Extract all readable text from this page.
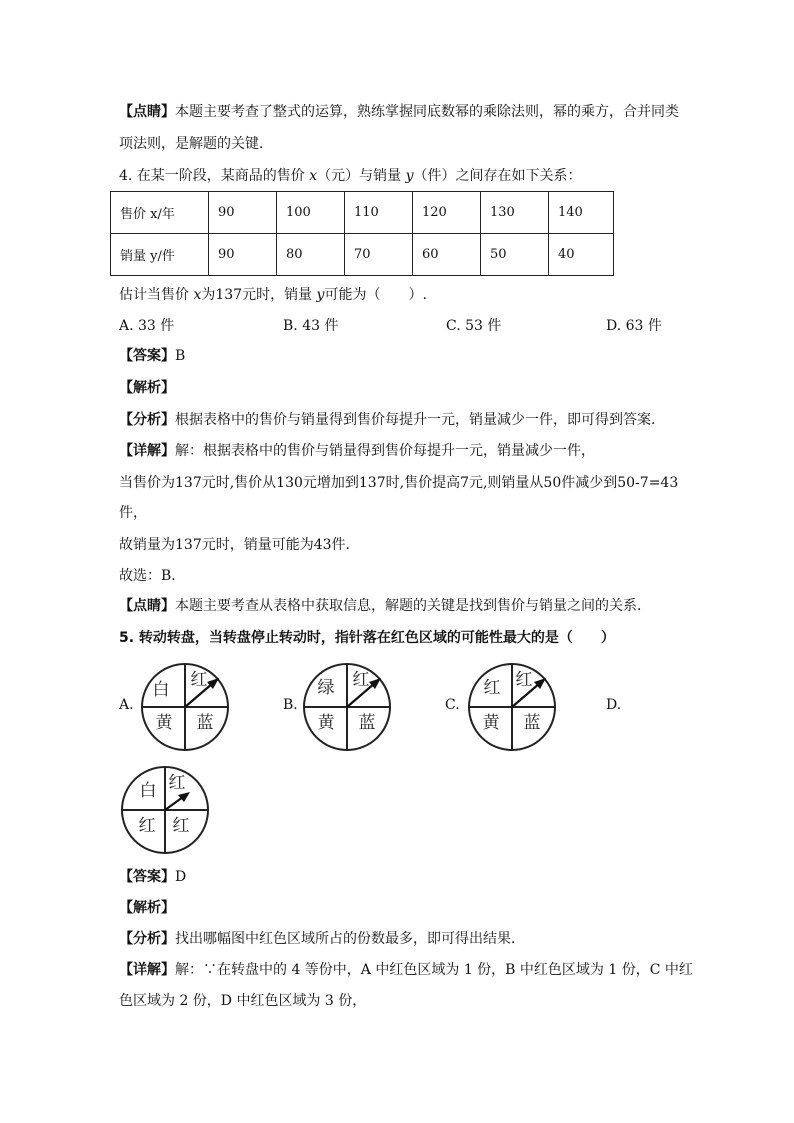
【点睛】本题主要考查了整式的运算，熟练掌握同底数幂的乘除法则，幂的乘方，合并同类
项法则，是解题的关键．
4. 在某一阶段，某商品的售价 x（元）与销量 y（件）之间存在如下关系：
售价 x/年	90	100	110	120	130	140
销量 y/件	90	80	70	60	50	40
估计当售价 x为137元时，销量 y可能为（　　）.
A. 33 件	B. 43 件	C. 53 件	D. 63 件
【答案】B
【解析】
【分析】根据表格中的售价与销量得到售价每提升一元，销量减少一件，即可得到答案．
【详解】解：根据表格中的售价与销量得到售价每提升一元，销量减少一件，
当售价为137元时,售价从130元增加到137时,售价提高7元,则销量从50件减少到50-7=43
件，
故销量为137元时，销量可能为43件．
故选：B．
【点睛】本题主要考查从表格中获取信息，解题的关键是找到售价与销量之间的关系．
5. 转动转盘，当转盘停止转动时，指针落在红色区域的可能性最大的是（　　）
A.	B.	C.	D.
白 红
黄 蓝
绿 红
黄 蓝
红 红
黄 蓝
白 红
红 红
【答案】D
【解析】
【分析】找出哪幅图中红色区域所占的份数最多，即可得出结果．
【详解】解：∵在转盘中的 4 等份中，A 中红色区域为 1 份，B 中红色区域为 1 份，C 中红
色区域为 2 份，D 中红色区域为 3 份，
